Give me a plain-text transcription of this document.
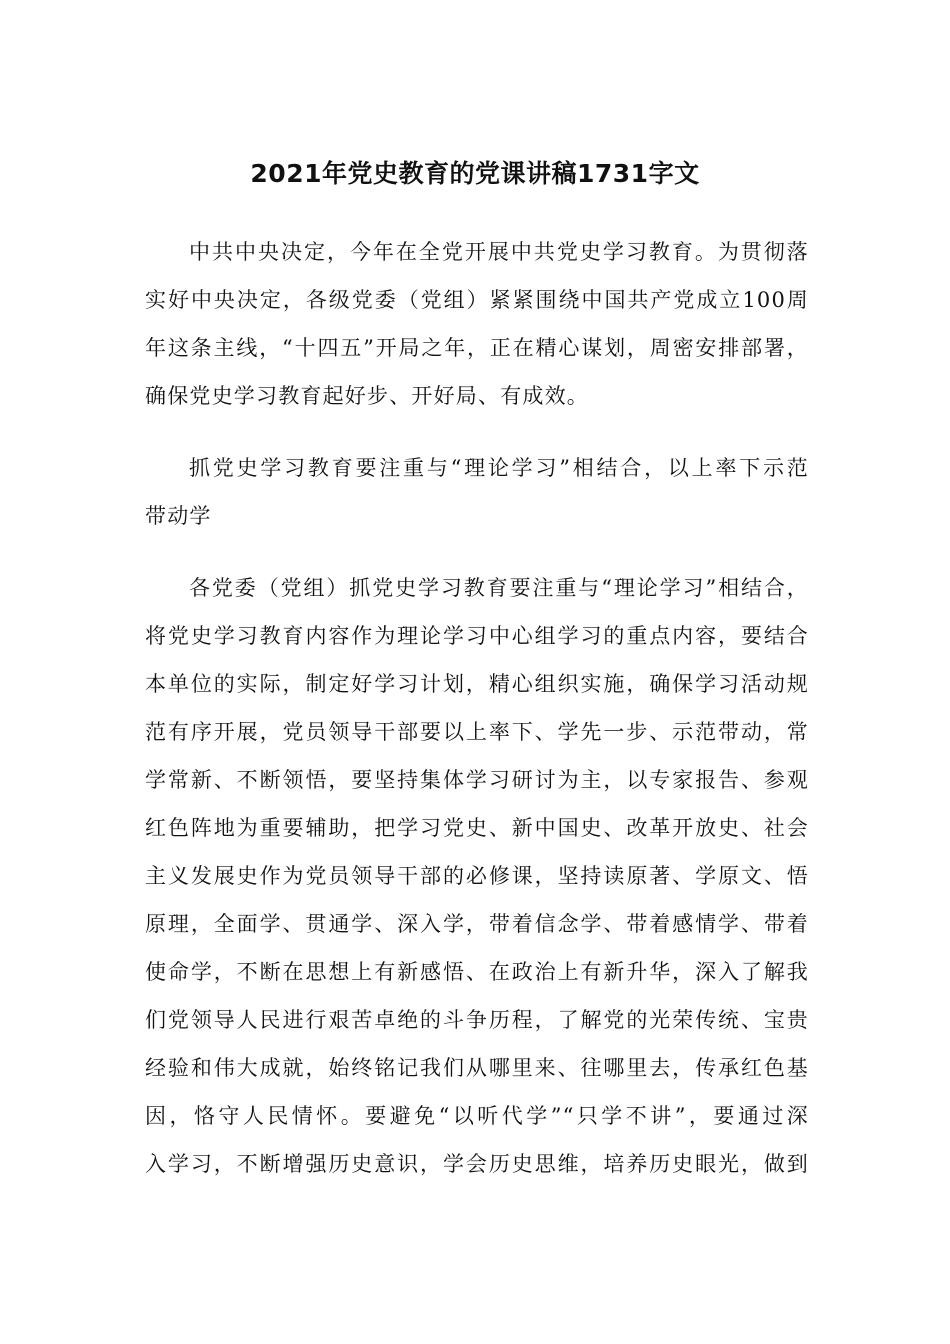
2021年党史教育的党课讲稿1731字文
中共中央决定，今年在全党开展中共党史学习教育。为贯彻落
实好中央决定，各级党委（党组）紧紧围绕中国共产党成立100周
年这条主线，“十四五”开局之年，正在精心谋划，周密安排部署，
确保党史学习教育起好步、开好局、有成效。
抓党史学习教育要注重与“理论学习”相结合，以上率下示范
带动学
各党委（党组）抓党史学习教育要注重与“理论学习”相结合，
将党史学习教育内容作为理论学习中心组学习的重点内容，要结合
本单位的实际，制定好学习计划，精心组织实施，确保学习活动规
范有序开展，党员领导干部要以上率下、学先一步、示范带动，常
学常新、不断领悟，要坚持集体学习研讨为主，以专家报告、参观
红色阵地为重要辅助，把学习党史、新中国史、改革开放史、社会
主义发展史作为党员领导干部的必修课，坚持读原著、学原文、悟
原理，全面学、贯通学、深入学，带着信念学、带着感情学、带着
使命学，不断在思想上有新感悟、在政治上有新升华，深入了解我
们党领导人民进行艰苦卓绝的斗争历程，了解党的光荣传统、宝贵
经验和伟大成就，始终铭记我们从哪里来、往哪里去，传承红色基
因，恪守人民情怀。要避免“以听代学”“只学不讲”，要通过深
入学习，不断增强历史意识，学会历史思维，培养历史眼光，做到
